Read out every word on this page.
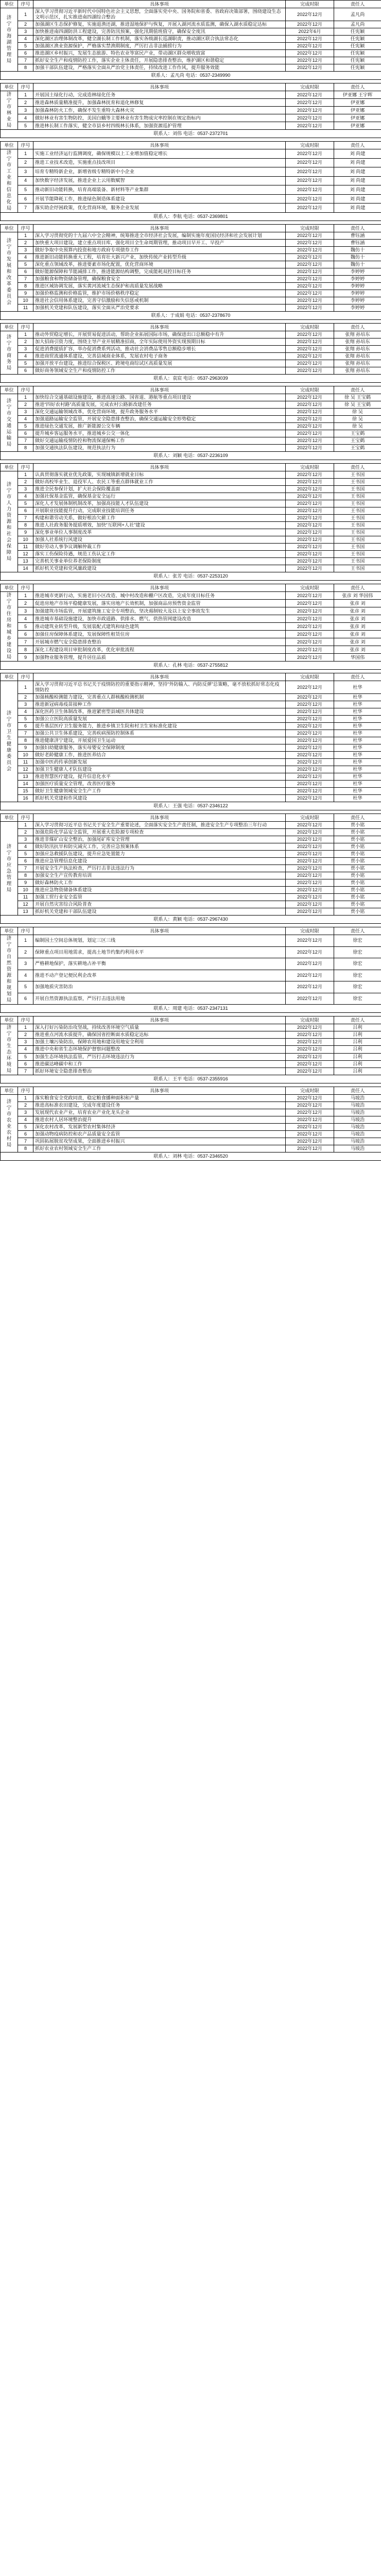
单位	序号	具体事项	完成时限	责任人
济宁市海湖管理局	1	深入学习贯彻习近平新时代中国特色社会主义思想，全面落实党中央、国务院和省委、省政府决策部署，围绕建设生态文明示范区，扎实推进南四湖综合整治	2022年12月	孟凡尚
	2	加强湖区生态保护修复，实施退渔还湖，推进湿地保护与恢复，开展入湖河流水质监测，确保入湖水质稳定达标	2022年12月	孟凡尚
	3	加快推进南四湖防洪工程建设，完善防汛预案，强化汛期值班值守，确保安全度汛	2022年6月	任宪颖
	4	深化湖区治理体制改革，健全湖长制工作机制，落实各级湖长巡湖职责，推动湖区联合执法常态化	2022年12月	任宪颖
	5	加强湖区渔业资源保护，严格落实禁渔期制度，严厉打击非法捕捞行为	2022年12月	任宪颖
	6	推进湖区乡村振兴，发展生态旅游、特色农业等富民产业，带动湖区群众增收致富	2022年12月	任宪颖
	7	抓好安全生产和疫情防控工作，落实企业主体责任，开展隐患排查整治，维护湖区和谐稳定	2022年12月	任宪颖
	8	加强干部队伍建设，严格落实全面从严治党主体责任，持续改进工作作风，提升服务效能	2022年12月	任宪颖
联系人：孟凡尚 电话：0537-2349990				
单位	序号	具体事项	完成时限	责任人
济宁市林业局	1	开展国土绿化行动，完成造林绿化任务	2022年12月	伊亚娜 王宇晖
	2	推进森林质量精准提升，加强森林抚育和退化林修复	2022年12月	伊亚娜
	3	加强森林防火工作，确保不发生重特大森林火灾	2022年12月	伊亚娜
	4	做好林业有害生物防控，美国白蛾等主要林业有害生物成灾率控制在规定指标内	2022年12月	伊亚娜
	5	推进林长制工作落实，健全市县乡村四级林长体系，加强资源巡护管理	2022年12月	伊亚娜
联系人：刘伟 电话：0537-2372701				
单位	序号	具体事项	完成时限	责任人
济宁市工业和信息化局	1	实施工业经济运行监测调度，确保规模以上工业增加值稳定增长	2022年12月	刘 尚建
	2	推进工业技术改造，实施重点技改项目	2022年12月	刘 尚建
	3	培育专精特新企业，新增省级专精特新中小企业	2022年12月	刘 尚建
	4	加快数字经济发展，推进企业上云用数赋智	2022年12月	刘 尚建
	5	推动新旧动能转换，培育高端装备、新材料等产业集群	2022年12月	刘 尚建
	6	开展节能降耗工作，推进绿色制造体系建设	2022年12月	刘 尚建
	7	落实助企纾困政策，优化营商环境，服务企业发展	2022年12月	刘 尚建
联系人：李航 电话：0537-2369801				
单位	序号	具体事项	完成时限	责任人
济宁市发展和改革委员会	1	深入学习贯彻党的十九届六中全会精神，统筹推进全市经济社会发展，编制实施年度国民经济和社会发展计划	2022年12月	曹钰涵
	2	加快重大项目建设，建立重点项目库，强化项目全生命周期管理，推动项目早开工、早投产	2022年12月	曹钰涵
	3	做好争取中央预算内投资和地方政府专项债券工作	2022年12月	魏仿十
	4	推进新旧动能转换重大工程，培育壮大新兴产业，加快传统产业转型升级	2022年12月	魏仿十
	5	深化重点领域改革，推进要素市场化配置，优化营商环境	2022年12月	魏仿十
	6	做好能源保障和节能减排工作，推进能源结构调整，完成能耗双控目标任务	2022年12月	李婷婷
	7	加强粮食和物资储备管理，确保粮食安全	2022年12月	李婷婷
	8	推进区域协调发展，落实黄河流域生态保护和高质量发展战略	2022年12月	李婷婷
	9	加强价格监测和价格监管，维护市场价格秩序稳定	2022年12月	李婷婷
	10	推进社会信用体系建设，完善守信激励和失信惩戒机制	2022年12月	李婷婷
	11	加强机关党建和队伍建设，落实全面从严治党要求	2022年12月	李婷婷
联系人：于成娟 电话：0537-2378670				
单位	序号	具体事项	完成时限	责任人
济宁市商务局	1	推动外贸稳定增长，开展贸易促进活动，帮助企业拓展国际市场，确保进出口总额稳中有升	2022年12月	张翔 孙培东
	2	加大招商引资力度，围绕主导产业开展精准招商，全年实际使用外资实现预期目标	2022年12月	张翔 孙培东
	3	促进消费提质扩容，举办促消费系列活动，推动社会消费品零售总额稳步增长	2022年12月	张翔 孙培东
	4	推进商贸流通体系建设，完善县域商业体系，发展农村电子商务	2022年12月	张翔 孙培东
	5	加强开放平台建设，推进综合保税区、跨境电商综试区高质量发展	2022年12月	张翔 孙培东
	6	做好商务领域安全生产和疫情防控工作	2022年12月	张翔 孙培东
联系人：袁宸 电话：0537-2963039				
单位	序号	具体事项	完成时限	责任人
济宁市交通运输局	1	加快综合交通基础设施建设，推进高速公路、国省道、港航等重点项目建设	2022年12月	徐 吴 王宝鹤
	2	推进“四好农村路”高质量发展，完成农村公路新改建任务	2022年12月	徐 吴 王宝鹤
	3	深化交通运输领域改革，优化营商环境，提升政务服务水平	2022年12月	徐 吴
	4	加强道路运输安全监管，开展安全隐患排查整治，确保交通运输安全形势稳定	2022年12月	徐 吴
	5	推进绿色交通发展，推广新能源公交车辆	2022年12月	徐 吴
	6	提升城乡客运服务水平，推进城乡公交一体化	2022年12月	王宝鹤
	7	做好交通运输疫情防控和物流保通保畅工作	2022年12月	王宝鹤
	8	加强交通执法队伍建设，规范执法行为	2022年12月	王宝鹤
联系人：刘颖 电话：0537-2236109				
单位	序号	具体事项	完成时限	责任人
济宁市人力资源和社会保障局	1	认真贯彻落实就业优先政策，实现城镇新增就业目标	2022年12月	王书国
	2	做好高校毕业生、退役军人、农民工等重点群体就业工作	2022年12月	王书国
	3	推进全民参保计划，扩大社会保险覆盖面	2022年12月	王书国
	4	加强社保基金监管，确保基金安全运行	2022年12月	王书国
	5	深化人才发展体制机制改革，加强高技能人才队伍建设	2022年12月	王书国
	6	开展职业技能提升行动，完成职业技能培训任务	2022年12月	王书国
	7	构建和谐劳动关系，做好根治欠薪工作	2022年12月	王书国
	8	推进人社政务服务提质增效，加快“互联网+人社”建设	2022年12月	王书国
	9	深化事业单位人事制度改革	2022年12月	王书国
	10	加强人社系统行风建设	2022年12月	王书国
	11	做好劳动人事争议调解仲裁工作	2022年12月	王书国
	12	落实工伤保险待遇，规范工伤认定工作	2022年12月	王书国
	13	完善机关事业单位养老保险制度	2022年12月	王书国
	14	抓好机关党建和党风廉政建设	2022年12月	王书国
联系人：张芳 电话：0537-2253120				
单位	序号	具体事项	完成时限	责任人
济宁市住房和城乡建设局	1	推进城市更新行动，实施老旧小区改造、城中村改造和棚户区改造，完成年度目标任务	2022年12月	张彦 刘 华国伟
	2	促进房地产市场平稳健康发展，落实房地产长效机制，加强商品房预售资金监管	2022年12月	张彦 刘
	3	加强建筑市场监管，开展建筑施工安全专项整治，坚决遏制较大及以上安全事故发生	2022年12月	张彦 刘
	4	推进城市基础设施建设，加快市政道路、供排水、燃气、供热管网建设改造	2022年12月	张彦 刘
	5	推动建筑业转型升级，发展装配式建筑和绿色建筑	2022年12月	张彦 刘
	6	加强住房保障体系建设，发展保障性租赁住房	2022年12月	张彦 刘
	7	开展城市燃气安全隐患排查整治	2022年12月	张彦 刘
	8	深化工程建设项目审批制度改革，优化审批流程	2022年12月	张彦 刘
	9	加强物业服务管理，提升居住品质	2022年12月	华国伟
联系人：孔林 电话：0537-2755812				
单位	序号	具体事项	完成时限	责任人
济宁市卫生健康委员会	1	深入学习贯彻习近平总书记关于疫情防控的重要指示精神，坚持“外防输入、内防反弹”总策略，毫不放松抓好常态化疫情防控	2022年12月	杜华
	2	加强核酸检测能力建设，完善重点人群核酸检测机制	2022年12月	杜华
	3	推进新冠病毒疫苗接种工作	2022年12月	杜华
	4	深化医药卫生体制改革，推进紧密型县域医共体建设	2022年12月	杜华
	5	加强公立医院高质量发展	2022年12月	杜华
	6	提升基层医疗卫生服务能力，推进乡镇卫生院和村卫生室标准化建设	2022年12月	杜华
	7	加强公共卫生体系建设，完善疾病预防控制体系	2022年12月	杜华
	8	推进健康济宁建设，开展爱国卫生运动	2022年12月	杜华
	9	加强妇幼健康服务，落实母婴安全保障制度	2022年12月	杜华
	10	做好老龄健康工作，推进医养结合	2022年12月	杜华
	11	加强中医药传承创新发展	2022年12月	杜华
	12	加强卫生健康人才队伍建设	2022年12月	杜华
	13	推进智慧医疗建设，提升信息化水平	2022年12月	杜华
	14	加强医疗质量安全管理，改善医疗服务	2022年12月	杜华
	15	做好卫生健康领域安全生产工作	2022年12月	杜华
	16	抓好机关党建和作风建设	2022年12月	杜华
联系人：王强 电话：0537-2346122				
单位	序号	具体事项	完成时限	责任人
济宁市应急管理局	1	深入学习贯彻习近平总书记关于安全生产重要论述，全面落实安全生产责任制，推进安全生产专项整治三年行动	2022年12月	贾小铭
	2	加强危险化学品安全监管，开展重大危险源专项检查	2022年12月	贾小铭
	3	推进非煤矿山安全整治，加强尾矿库安全管理	2022年12月	贾小铭
	4	做好防汛抗旱和防灾减灾工作，完善应急预案体系	2022年12月	贾小铭
	5	加强应急救援队伍建设，提升应急处置能力	2022年12月	贾小铭
	6	推进应急管理信息化建设	2022年12月	贾小铭
	7	开展安全生产执法检查，严厉打击非法违法行为	2022年12月	贾小铭
	8	加强安全生产宣传教育培训	2022年12月	贾小铭
	9	做好森林防火工作	2022年12月	贾小铭
	10	推进应急物资储备体系建设	2022年12月	贾小铭
	11	加强工贸行业安全监管	2022年12月	贾小铭
	12	开展自然灾害综合风险普查	2022年12月	贾小铭
	13	抓好机关党建和干部队伍建设	2022年12月	贾小铭
联系人：黄颖 电话：0537-2967430				
单位	序号	具体事项	完成时限	责任人
济宁市自然资源和规划局	1	编制国土空间总体规划，划定三区三线	2022年12月	徐宏
	2	保障重点项目用地需求，提高土地节约集约利用水平	2022年12月	徐宏
	3	严格耕地保护，落实耕地占补平衡	2022年12月	徐宏
	4	推进不动产登记便民利企改革	2022年12月	徐宏
	5	加强地质灾害防治	2022年12月	徐宏
	6	开展自然资源执法监察，严厉打击违法用地	2022年12月	徐宏
联系人：周建 电话：0537-2347131				
单位	序号	具体事项	完成时限	责任人
济宁市生态环境局	1	深入打好污染防治攻坚战，持续改善环境空气质量	2022年12月	吕利
	2	推进重点河流水质提升，确保国省控断面水质稳定达标	2022年12月	吕利
	3	加强土壤污染防治，保障农用地和建设用地安全利用	2022年12月	吕利
	4	推进中央和省生态环境保护督察问题整改	2022年12月	吕利
	5	加强生态环境执法监管，严厉打击环境违法行为	2022年12月	吕利
	6	推进碳达峰碳中和工作	2022年12月	吕利
	7	抓好环境安全隐患排查整治	2022年12月	吕利
联系人：王平 电话：0537-2355916				
单位	序号	具体事项	完成时限	责任人
济宁市农业农村局	1	落实粮食安全党政同责，稳定粮食播种面积和产量	2022年12月	马坡浩
	2	推进高标准农田建设，完成年度建设任务	2022年12月	马坡浩
	3	发展现代农业产业，培育农业产业化龙头企业	2022年12月	马坡浩
	4	推进农村人居环境整治提升	2022年12月	马坡浩
	5	深化农村改革，发展新型农村集体经济	2022年12月	马坡浩
	6	加强动物疫病防控和农产品质量安全监管	2022年12月	马坡浩
	7	巩固拓展脱贫攻坚成果，全面推进乡村振兴	2022年12月	马坡浩
	8	抓好农业农村领域安全生产工作	2022年12月	马坡浩
联系人：刘林 电话：0537-2346520				
